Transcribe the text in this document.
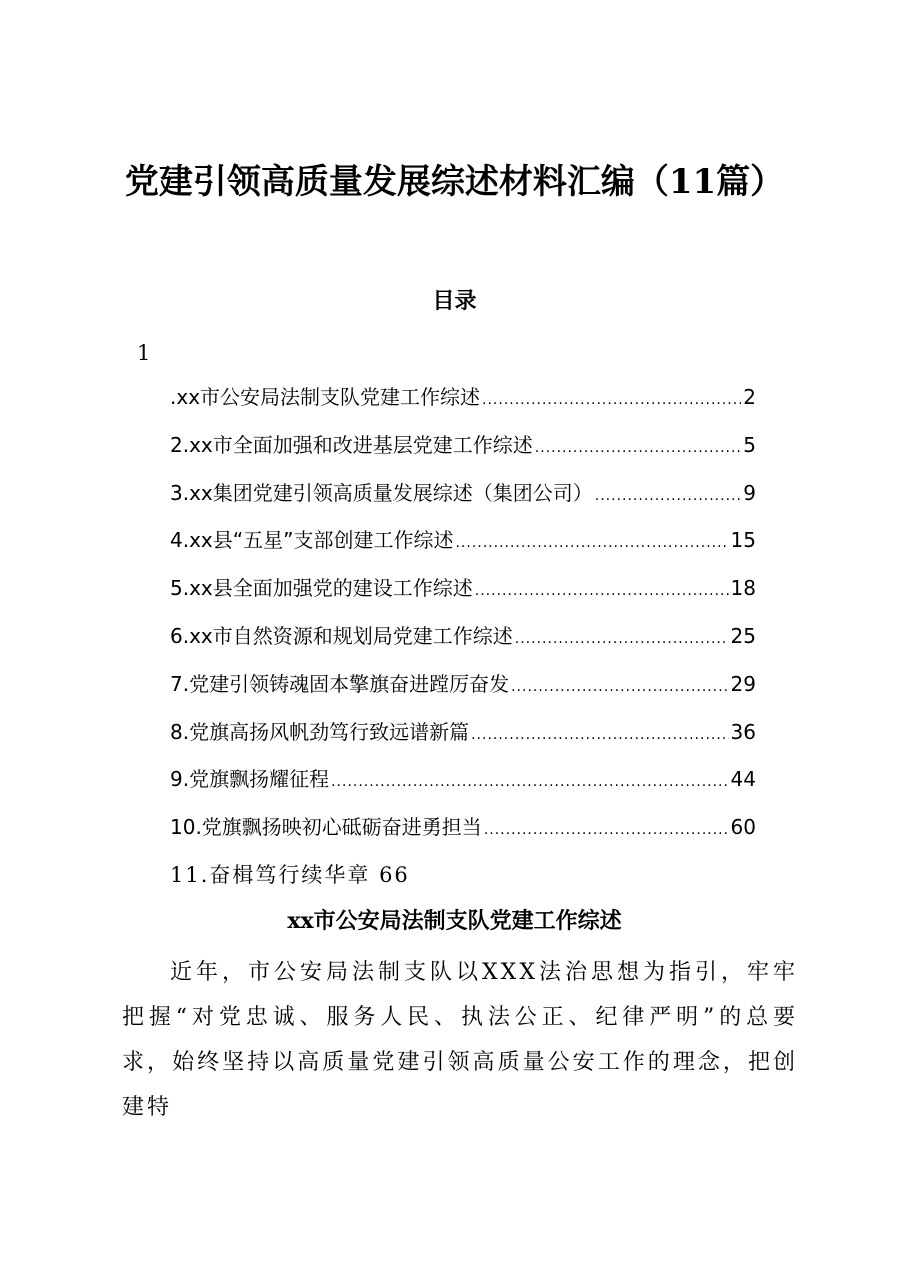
党建引领高质量发展综述材料汇编（11篇）
目录
1
.xx市公安局法制支队党建工作综述 .....	2
2.xx市全面加强和改进基层党建工作综述 .....	5
3.xx集团党建引领高质量发展综述（集团公司） .....	9
4.xx县“五星”支部创建工作综述 .....	15
5.xx县全面加强党的建设工作综述 .....	18
6.xx市自然资源和规划局党建工作综述 .....	25
7.党建引领铸魂固本擎旗奋进蹚厉奋发 .....	29
8.党旗高扬风帆劲笃行致远谱新篇 .....	36
9.党旗飘扬耀征程 .....	44
10.党旗飘扬映初心砥砺奋进勇担当 .....	60
11.奋楫笃行续华章 66
xx市公安局法制支队党建工作综述

近年，市公安局法制支队以XXX法治思想为指引，牢牢把握“对党忠诚、服务人民、执法公正、纪律严明”的总要求，始终坚持以高质量党建引领高质量公安工作的理念，把创建特
